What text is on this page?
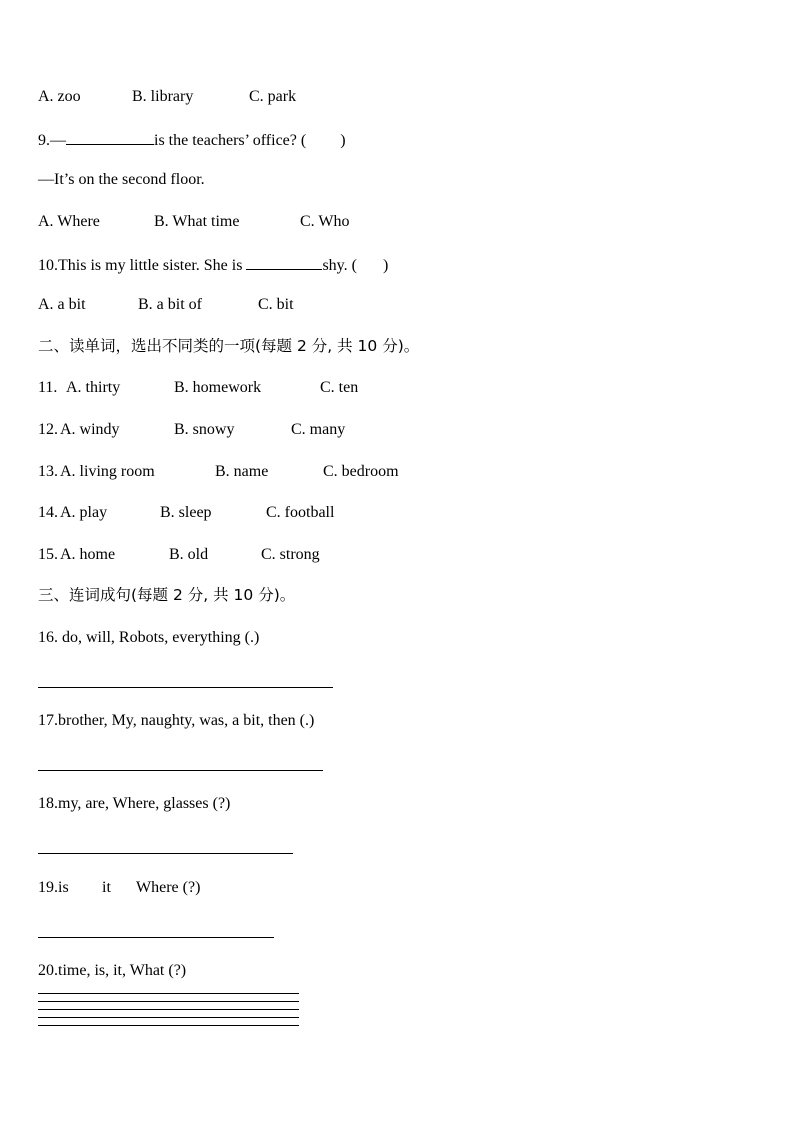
A. zoo	B. library	C. park
9.—	is the teachers’ office? ( )
—It’s on the second floor.
A. Where	B. What time	C. Who
10.This is my little sister. She is	shy. ( )
A. a bit	B. a bit of	C. bit
二、读单词，选出不同类的一项(每题 2 分, 共 10 分)。
11. A. thirty	B. homework	C. ten
12. A. windy	B. snowy	C. many
13. A. living room	B. name	C. bedroom
14. A. play	B. sleep	C. football
15. A. home	B. old	C. strong
三、连词成句(每题 2 分, 共 10 分)。
16. do, will, Robots, everything (.)
17.brother, My, naughty, was, a bit, then (.)
18.my, are, Where, glasses (?)
19.is it Where (?)
20.time, is, it, What (?)
